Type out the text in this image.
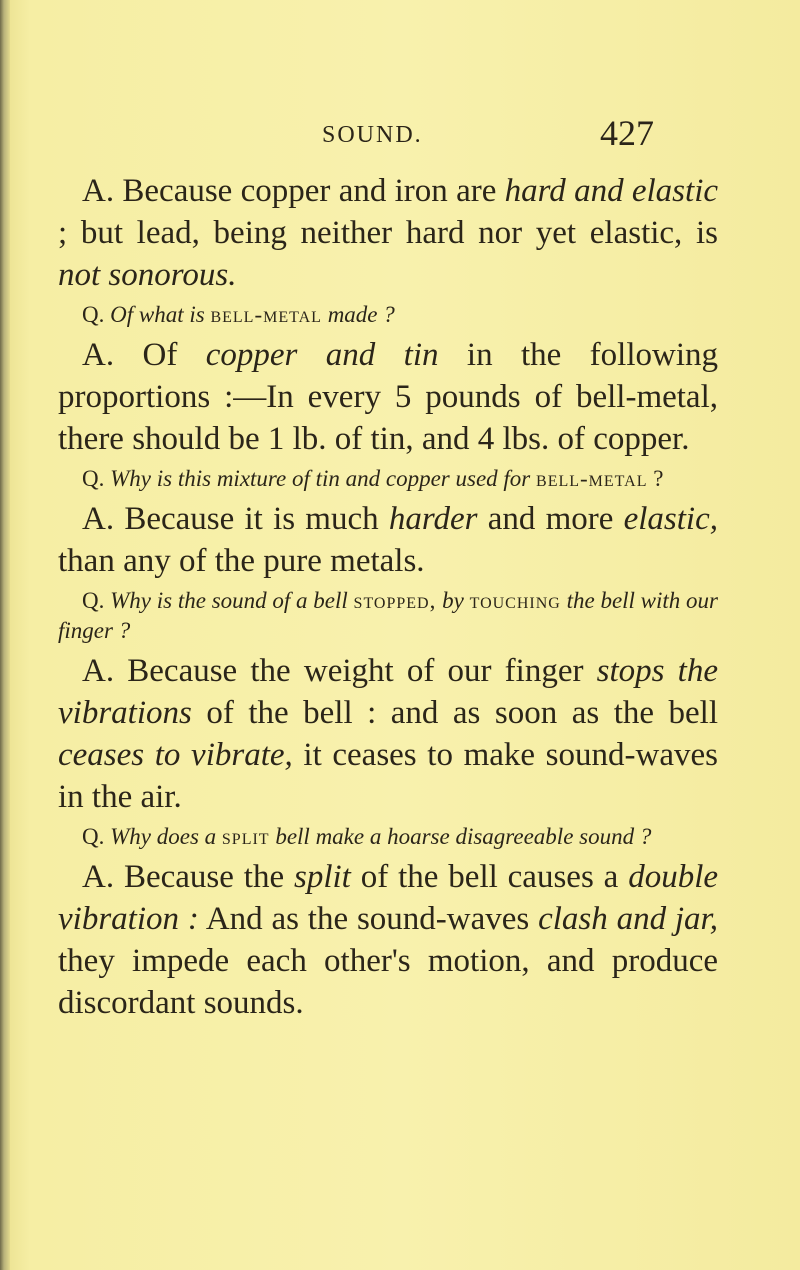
SOUND.	427

A. Because copper and iron are hard and elastic ; but lead, being neither hard nor yet elastic, is not sonorous.

Q. Of what is bell-metal made ?

A. Of copper and tin in the following proportions :—In every 5 pounds of bell-metal, there should be 1 lb. of tin, and 4 lbs. of copper.

Q. Why is this mixture of tin and copper used for bell-metal ?

A. Because it is much harder and more elastic, than any of the pure metals.

Q. Why is the sound of a bell stopped, by touching the bell with our finger ?

A. Because the weight of our finger stops the vibrations of the bell : and as soon as the bell ceases to vibrate, it ceases to make sound-waves in the air.

Q. Why does a split bell make a hoarse disagreeable sound ?

A. Because the split of the bell causes a double vibration : And as the sound-waves clash and jar, they impede each other's motion, and produce discordant sounds.
